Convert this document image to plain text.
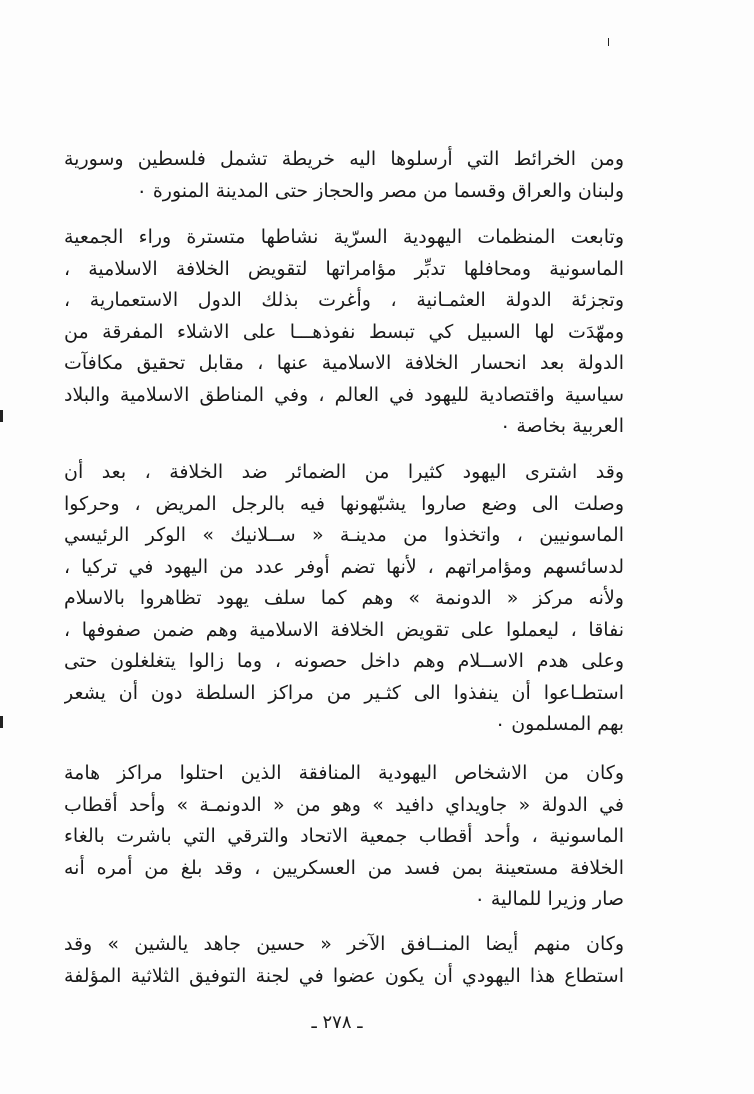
ومن الخرائط التي أرسلوها اليه خريطة تشمل فلسطين وسورية
ولبنان والعراق وقسما من مصر والحجاز حتى المدينة المنورة ٠

وتابعت المنظمات اليهودية السرّية نشاطها متسترة وراء الجمعية
الماسونية ومحافلها تدبِّر مؤامراتها لتقويض الخلافة الاسلامية ،
وتجزئة الدولة العثمـانية ، وأغرت بذلك الدول الاستعمارية ،
ومهّدَت لها السبيل كي تبسط نفوذهـــا على الاشلاء المفرقة من
الدولة بعد انحسار الخلافة الاسلامية عنها ، مقابل تحقيق مكافآت
سياسية واقتصادية لليهود في العالم ، وفي المناطق الاسلامية والبلاد
العربية بخاصة ٠

وقد اشترى اليهود كثيرا من الضمائر ضد الخلافة ، بعد أن
وصلت الى وضع صاروا يشبّهونها فيه بالرجل المريض ، وحركوا
الماسونيين ، واتخذوا من مدينـة « ســلانيك » الوكر الرئيسي
لدسائسهم ومؤامراتهم ، لأنها تضم أوفر عدد من اليهود في تركيا ،
ولأنه مركز « الدونمة » وهم كما سلف يهود تظاهروا بالاسلام
نفاقا ، ليعملوا على تقويض الخلافة الاسلامية وهم ضمن صفوفها ،
وعلى هدم الاســلام وهم داخل حصونه ، وما زالوا يتغلغلون حتى
استطـاعوا أن ينفذوا الى كثـير من مراكز السلطة دون أن يشعر
بهم المسلمون ٠

وكان من الاشخاص اليهودية المنافقة الذين احتلوا مراكز هامة
في الدولة « جاويداي دافيد » وهو من « الدونمـة » وأحد أقطاب
الماسونية ، وأحد أقطاب جمعية الاتحاد والترقي التي باشرت بالغاء
الخلافة مستعينة بمن فسد من العسكريين ، وقد بلغ من أمره أنه
صار وزيرا للمالية ٠

وكان منهم أيضا المنــافق الآخر « حسين جاهد يالشين » وقد
استطاع هذا اليهودي أن يكون عضوا في لجنة التوفيق الثلاثية المؤلفة

ـ ٢٧٨ ـ
